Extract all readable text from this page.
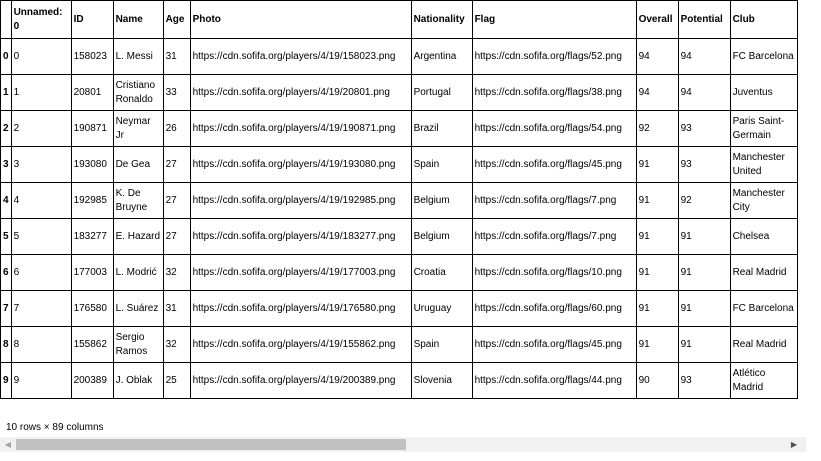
	Unnamed: 0	ID	Name	Age	Photo	Nationality	Flag	Overall	Potential	Club
0	0	158023	L. Messi	31	https://cdn.sofifa.org/players/4/19/158023.png	Argentina	https://cdn.sofifa.org/flags/52.png	94	94	FC Barcelona
1	1	20801	Cristiano Ronaldo	33	https://cdn.sofifa.org/players/4/19/20801.png	Portugal	https://cdn.sofifa.org/flags/38.png	94	94	Juventus
2	2	190871	Neymar Jr	26	https://cdn.sofifa.org/players/4/19/190871.png	Brazil	https://cdn.sofifa.org/flags/54.png	92	93	Paris Saint-Germain
3	3	193080	De Gea	27	https://cdn.sofifa.org/players/4/19/193080.png	Spain	https://cdn.sofifa.org/flags/45.png	91	93	Manchester United
4	4	192985	K. De Bruyne	27	https://cdn.sofifa.org/players/4/19/192985.png	Belgium	https://cdn.sofifa.org/flags/7.png	91	92	Manchester City
5	5	183277	E. Hazard	27	https://cdn.sofifa.org/players/4/19/183277.png	Belgium	https://cdn.sofifa.org/flags/7.png	91	91	Chelsea
6	6	177003	L. Modrić	32	https://cdn.sofifa.org/players/4/19/177003.png	Croatia	https://cdn.sofifa.org/flags/10.png	91	91	Real Madrid
7	7	176580	L. Suárez	31	https://cdn.sofifa.org/players/4/19/176580.png	Uruguay	https://cdn.sofifa.org/flags/60.png	91	91	FC Barcelona
8	8	155862	Sergio Ramos	32	https://cdn.sofifa.org/players/4/19/155862.png	Spain	https://cdn.sofifa.org/flags/45.png	91	91	Real Madrid
9	9	200389	J. Oblak	25	https://cdn.sofifa.org/players/4/19/200389.png	Slovenia	https://cdn.sofifa.org/flags/44.png	90	93	Atlético Madrid
10 rows × 89 columns
◀	▶
